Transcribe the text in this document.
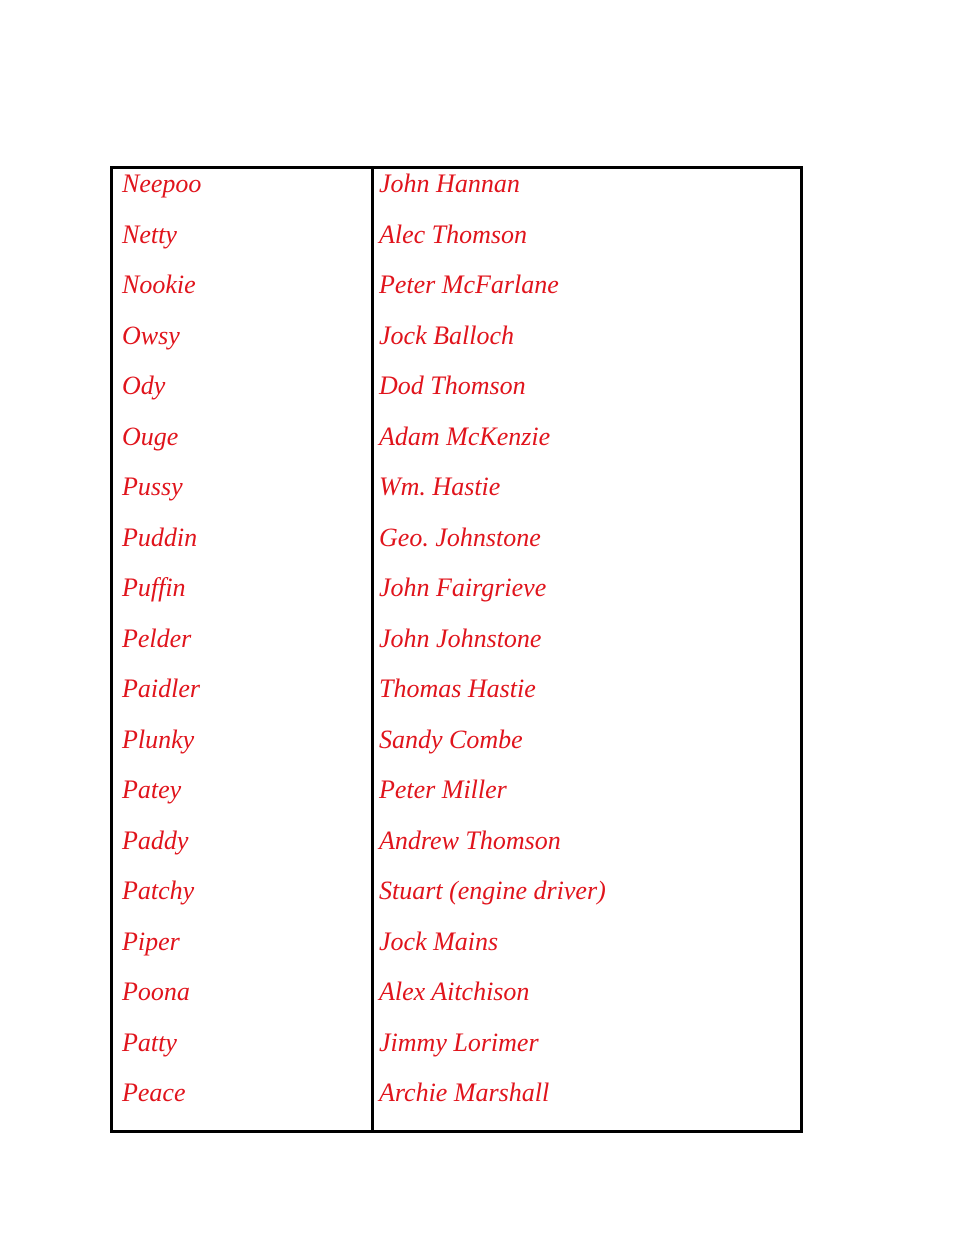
Neepoo	John Hannan
Netty	Alec Thomson
Nookie	Peter McFarlane
Owsy	Jock Balloch
Ody	Dod Thomson
Ouge	Adam McKenzie
Pussy	Wm. Hastie
Puddin	Geo. Johnstone
Puffin	John Fairgrieve
Pelder	John Johnstone
Paidler	Thomas Hastie
Plunky	Sandy Combe
Patey	Peter Miller
Paddy	Andrew Thomson
Patchy	Stuart (engine driver)
Piper	Jock Mains
Poona	Alex Aitchison
Patty	Jimmy Lorimer
Peace	Archie Marshall
